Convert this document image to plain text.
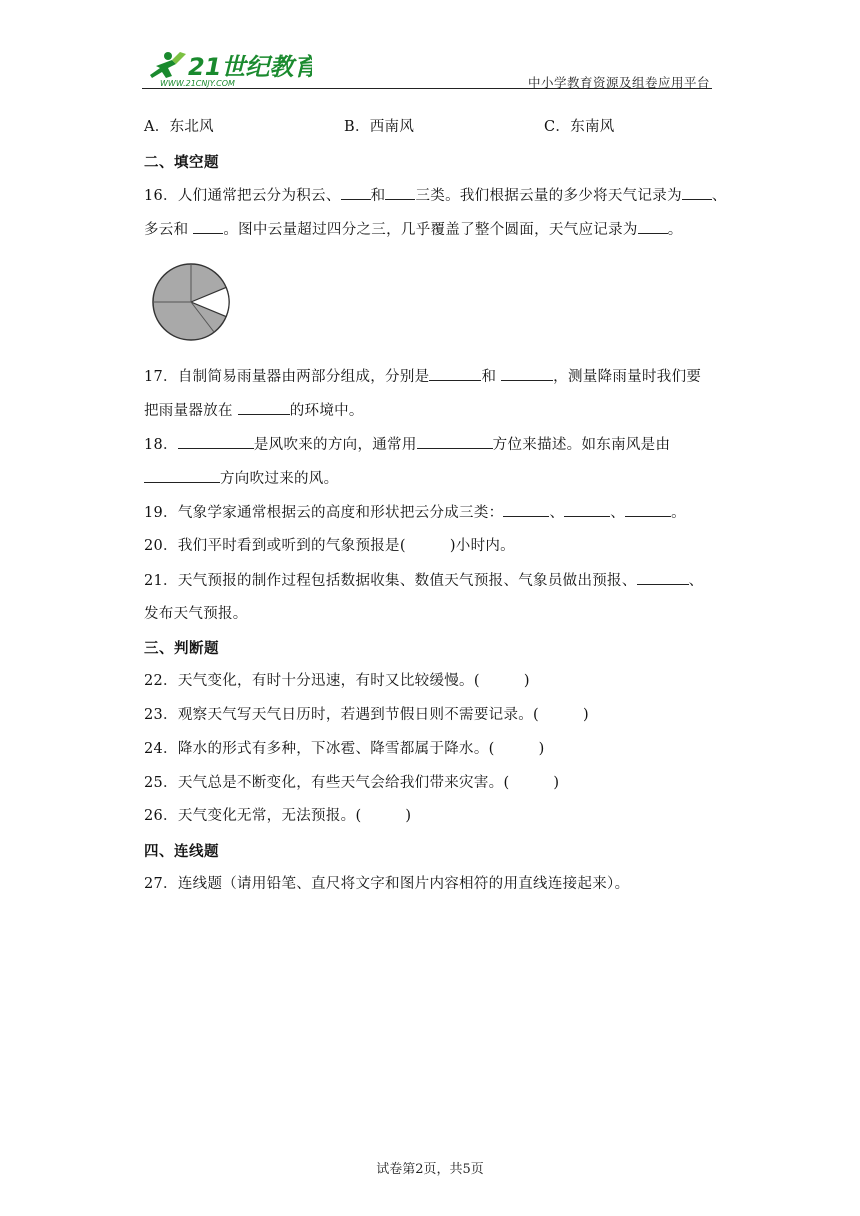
21世纪教育
WWW.21CNJY.COM	中小学教育资源及组卷应用平台
A．东北风	B．西南风	C．东南风
二、填空题
16．人们通常把云分为积云、 和 三类。我们根据云量的多少将天气记录为 、
多云和 。图中云量超过四分之三，几乎覆盖了整个圆面，天气应记录为 。
17．自制简易雨量器由两部分组成，分别是	和	，测量降雨量时我们要
把雨量器放在	的环境中。
18．	是风吹来的方向，通常用	方位来描述。如东南风是由
方向吹过来的风。
19．气象学家通常根据云的高度和形状把云分成三类：	、	、	。
20．我们平时看到或听到的气象预报是(	)小时内。
21．天气预报的制作过程包括数据收集、数值天气预报、气象员做出预报、	、
发布天气预报。
三、判断题
22．天气变化，有时十分迅速，有时又比较缓慢。(	)
23．观察天气写天气日历时，若遇到节假日则不需要记录。(	)
24．降水的形式有多种，下冰雹、降雪都属于降水。(	)
25．天气总是不断变化，有些天气会给我们带来灾害。(	)
26．天气变化无常，无法预报。(	)
四、连线题
27．连线题（请用铅笔、直尺将文字和图片内容相符的用直线连接起来）。
试卷第2页，共5页
